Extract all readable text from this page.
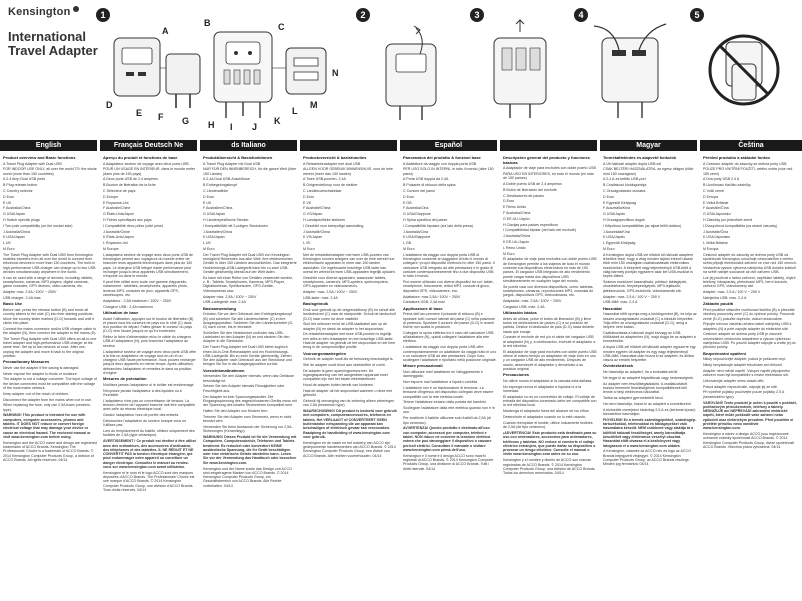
Kensington
International
Travel Adapter
1
A
B	C
D
E F G H I J
K
L
M
N
2	3	4	5
English	Français Deutsch Ne	ds Italiano	Español	Magyar	Čeština
Product overview and Basic functions

A Travel Plug Adapter with Dual USB

FOR INDOOR USE ONLY, all over the world TO: the whole world (more than 150 countries)

A 2.4 Amp Dual USB ports

B Plug release button

C Country selector

D Euro

E UK

F Australia/China

G USA/Japan

H Switch specific plugs

I Two pole compatibility (on the socket side)

J Australia/China

K USA/Japan

L UK

M Euro

The Travel Plug Adapter with Dual USB from Kensington enables travelers from all over the world to connect their electronic devices in more than 150 countries. The built-in high-performance USB charger can charge up to two USB devices simultaneously anywhere in the world.

It can be used with a range of devices, including: tablets, smartphones, cameras, MP3 players, digital cameras, game consoles, GPS devices, video cameras, etc.

Adapter max. 2.5A / 100V ~ 250V

USB charger: 2.4A max.

Basic Use

Before use, press the release button (B) and move all country sliders to the side (C) into their starting positions. Move the country slider marked (D-G) towards and until it clicks into place.

Connect the mains connector and/or USB charger cable to the adapter (N), then connect the adapter to the mains (D).

The Travel Plug Adapter with Dual USB offers an all-in-one travel adapter and high-performance USB charger at the same time. Set up to two devices at once. After use, unplug the adapter and move it back to the original position.

Precautionary Measures

Never use the adapter if the casing is damaged.

Never expose the adapter to fluids or moisture.

The adapter is not a voltage converter. The input voltage of the device connected must be compatible with the voltage of the local mains network.

Keep adapter out of the reach of children.

Disconnect the adapter from the mains when not in use.

When replacing the fuse, only use 2.5A fuses (ceramic-type).

WARNING! This product is intended for use with computers, computer accessories, phones and tablets. IT DOES NOT reduce or convert foreign electrical voltage that may damage your device or cause an electrical hazard. The enclosed manual or visit www.kensington.com before using.

Kensington and the ACCO name and design are registered trademarks of ACCO Brands. Kensington The Professionals' Choice is a trademark of ACCO Brands. © 2014 Kensington Computer Products Group, a division of ACCO Brands. All rights reserved. 04/14

Aperçu du produit et fonctions de base

A Adaptateur secteur de voyage avec deux ports USB

POUR UN USAGE EN INTÉRIEUR, dans le monde entier (dans plus de 150 pays)

A Deux ports USB de 2,4 ampères

B Bouton de libération de la fiche

C Sélecteur de pays

D Europe

E Royaume-Uni

F Australie/Chine

G États-Unis/Japon

H Fiches spécifiques aux pays

I Compatibilité deux pôles (côté prise)

J Australie/Chine

K États-Unis/Japon

L Royaume-Uni

M Europe

L'adaptateur secteur de voyage avec deux ports USB de Kensington permet aux voyageurs du monde entier de brancher leurs appareils électroniques dans plus de 150 pays. Le chargeur USB intégré haute performance peut recharger jusqu'à deux appareils USB simultanément, n'importe où dans le monde.

Il peut être utilisé avec toute une gamme d'appareils, notamment : tablettes, smartphones, appareils photo, lecteurs MP3, consoles de jeux, appareils GPS, caméscopes, etc.

Adaptateur : 2,5A maximum / 100V ~ 250V

Chargeur USB : 2,4A maximum

Utilisation de base

Avant l'utilisation, appuyez sur le bouton de libération (B) et placez tous les curseurs de pays sur le côté (C) dans leur position de départ. Faites glisser le curseur du pays (D-G) vers l'avant jusqu'à ce qu'il s'enclenche.

Reliez la fiche d'alimentation et/ou le câble du chargeur USB à l'adaptateur (N), puis branchez l'adaptateur au secteur.

L'adaptateur secteur de voyage avec deux ports USB offre à la fois un adaptateur de voyage tout-en-un et un chargeur USB haute performance. Vous pouvez recharger jusqu'à deux appareils en même temps. Après utilisation, débranchez l'adaptateur et remettez-le dans sa position d'origine.

Mesures de précaution

N'utilisez jamais l'adaptateur si le boîtier est endommagé.

N'exposez jamais l'adaptateur à des liquides ou à l'humidité.

L'adaptateur n'est pas un convertisseur de tension. La tension d'entrée de l'appareil branché doit être compatible avec celle du réseau électrique local.

Gardez l'adaptateur hors de portée des enfants.

Débranchez l'adaptateur du secteur lorsque vous ne l'utilisez pas.

Lors du remplacement du fusible, utilisez uniquement des fusibles de 2,5A (type céramique).

AVERTISSEMENT ! Ce produit est destiné à être utilisé avec des ordinateurs, des accessoires d'ordinateur, des téléphones et des tablettes. IL NE RÉDUIT ET NE CONVERTIT PAS la tension électrique étrangère, qui peut endommager votre appareil ou constituer un danger électrique. Consultez le manuel ou rendez-vous sur www.kensington.com avant utilisation.

Kensington et le nom et le logo ACCO sont des marques déposées d'ACCO Brands. The Professionals' Choice est une marque d'ACCO Brands. © 2014 Kensington Computer Products Group, une division d'ACCO Brands. Tous droits réservés. 04/14

Produktübersicht & Basisfunktionen

A Travel Plug Adapter mit Dual USB

NUR FÜR DEN INNENBEREICH, für die ganze Welt (über 150 Länder)

A 2,4A Dual USB-Anschlüsse

B Entriegelungsknopf

C Länderwähler

D Euro

E UK

F Australien/China

G USA/Japan

H Länderspezifische Stecker

I Kompatibilität mit 2-poligen Steckdosen

J Australien/China

K USA/Japan

L UK

M Euro

Der Travel Plug Adapter mit Dual USB von Kensington ermöglicht Reisenden aus aller Welt, ihre elektronischen Geräte in über 150 Ländern anzuschließen. Das integrierte Hochleistungs-USB-Ladegerät kann bis zu zwei USB-Geräte gleichzeitig überall auf der Welt laden.

Es kann mit einer Reihe von Geräten verwendet werden, z. B.: Tablets, Smartphones, Kameras, MP3-Player, Digitalkameras, Spielkonsolen, GPS-Geräte, Videokameras usw.

Adapter max. 2,5A / 100V ~ 250V

USB-Ladegerät: max. 2,4A

Basisanwendung

Drücken Sie vor dem Gebrauch den Entriegelungsknopf (B) und schieben Sie alle Länderschieber (C) in ihre Ausgangsposition. Schieben Sie den Länderschieber (D-G) nach vorne, bis er einrastet.

Schließen Sie den Netzstecker und/oder das USB-Ladekabel an den Adapter (N) an und stecken Sie den Adapter in die Steckdose.

Der Travel Plug Adapter mit Dual USB bietet zugleich einen All-in-One-Reiseadapter und ein Hochleistungs-USB-Ladegerät. Bis zu zwei Geräte gleichzeitig. Ziehen Sie den Adapter nach Gebrauch aus der Steckdose und bringen Sie ihn in die Ausgangsposition zurück.

Vorsichtsmaßnahmen

Verwenden Sie den Adapter niemals, wenn das Gehäuse beschädigt ist.

Setzen Sie den Adapter niemals Flüssigkeiten oder Feuchtigkeit aus.

Der Adapter ist kein Spannungswandler. Die Eingangsspannung des angeschlossenen Geräts muss mit der Spannung des lokalen Stromnetzes kompatibel sein.

Halten Sie den Adapter von Kindern fern.

Trennen Sie den Adapter vom Stromnetz, wenn er nicht benutzt wird.

Verwenden Sie beim Austausch der Sicherung nur 2,5A-Sicherungen (Keramiktyp).

WARNUNG! Dieses Produkt ist für die Verwendung mit Computern, Computerzubehör, Telefonen und Tablets bestimmt. Es reduziert oder konvertiert KEINE ausländische Spannung, die Ihr Gerät beschädigen oder eine elektrische Gefahr darstellen kann. Lesen Sie vor der Verwendung das Handbuch oder besuchen Sie www.kensington.com.

Kensington und der Name sowie das Design von ACCO sind eingetragene Marken von ACCO Brands. © 2014 Kensington Computer Products Group, ein Geschäftsbereich von ACCO Brands. Alle Rechte vorbehalten. 04/14

Productoverzicht & basisfuncties

A Reisstekkeradapter met dual USB

ALLEEN VOOR GEBRUIK BINNENSHUIS, voor de hele wereld (meer dan 150 landen)

A Twee USB-poorten, 2,4A

B Ontgrendelknop voor de stekker

C Landkeuzeschakelaar

D Euro

E VK

F Australië/China

G VS/Japan

H Landspecifieke stekkers

I Geschikt voor tweepolige aansluiting

J Australië/China

K VS/Japan

L VK

M Euro

Met de reisstekkeradapter met twee USB-poorten van Kensington kunnen reizigers van over de hele wereld hun elektronische apparaten in meer dan 150 landen aansluiten. De ingebouwde krachtige USB-lader kan overal ter wereld tot twee USB-apparaten tegelijk opladen.

Geschikt voor diverse apparaten, waaronder tablets, smartphones, camera's, MP3-spelers, spelcomputers, GPS-apparaten en videocamera's.

Adapter: max. 2,5A / 100V ~ 250V

USB-lader: max. 2,4A

Basisgebruik

Druk voor gebruik op de ontgrendelknop (B) en schuif alle landschuiven (C) naar de startpositie. Schuif de landschuif (D-G) naar voren tot deze vastklikt.

Sluit het netsnoer en/of de USB-laadkabel aan op de adapter (N) en steek de adapter in het stopcontact.

De reisstekkeradapter met twee USB-poorten is tegelijk een alles-in-één reisadapter en een krachtige USB-lader. Haal de adapter na gebruik uit het stopcontact en zet hem terug in de oorspronkelijke positie.

Voorzorgsmaatregelen

Gebruik de adapter nooit als de behuizing beschadigd is.

Stel de adapter nooit bloot aan vloeistoffen of vocht.

De adapter is geen spanningsomvormer. De ingangsspanning van het aangesloten apparaat moet compatibel zijn met het lokale elektriciteitsnet.

Houd de adapter buiten bereik van kinderen.

Haal de adapter uit het stopcontact wanneer u deze niet gebruikt.

Gebruik bij vervanging van de zekering alleen zekeringen van 2,5A (keramisch type).

WAARSCHUWING! Dit product is bedoeld voor gebruik met computers, computeraccessoires, telefoons en tablets. Het VERLAAGT of CONVERTEERT GEEN buitenlandse netspanning die uw apparaat kan beschadigen of elektrisch gevaar kan veroorzaken. Raadpleeg de handleiding of www.kensington.com voor gebruik.

Kensington en de naam en het ontwerp van ACCO zijn gedeponeerde handelsmerken van ACCO Brands. © 2014 Kensington Computer Products Group, een divisie van ACCO Brands. Alle rechten voorbehouden. 04/14

Panoramica del prodotto & funzioni base

A Adattatore da viaggio con doppia porta USB

PER USO SOLO IN INTERNI, in tutto il mondo (oltre 150 paesi)

A Porta USB doppia da 2,4A

B Pulsante di sblocco della spina

C Cursore dei paesi

D Euro

E GB

F Australia/Cina

G USA/Giappone

H Spina specifica del paese

I Compatibilità bipolare (sul lato della presa)

J Australia/Cina

K USA/Giappone

L GB

M Euro

L'adattatore da viaggio con doppia porta USB di Kensington consente ai viaggiatori di tutto il mondo di collegare i propri dispositivi elettronici in oltre 150 paesi. Il caricatore USB integrato ad alte prestazioni è in grado di caricare contemporaneamente fino a due dispositivi USB in tutto il mondo.

Può essere utilizzato con diversi dispositivi tra cui: tablet, smartphone, fotocamere, lettori MP3, console di gioco, dispositivi GPS, videocamere, ecc.

Adattatore: max 2,5A / 100V ~ 250V

Caricatore USB: 2,4A max

Applicazione di base

Prima dell'uso premere il pulsante di sblocco (B) e spostare tutti i cursori laterali dei paesi (C) nella posizione di partenza. Spostare il cursore del paese (D-G) in avanti finché non scatta in posizione.

Collegare la spina elettrica e/o il cavo del caricatore USB all'adattatore (N), quindi collegare l'adattatore alla rete elettrica.

L'adattatore da viaggio con doppia porta USB offre contemporaneamente un adattatore da viaggio tutto in uno e un caricatore USB ad alte prestazioni. Dopo l'uso, scollegare l'adattatore e riportarlo nella posizione originale.

Misure precauzionali

Non utilizzare mai l'adattatore se l'alloggiamento è danneggiato.

Non esporre mai l'adattatore a liquidi o umidità.

L'adattatore non è un trasformatore di tensione. La tensione d'ingresso del dispositivo collegato deve essere compatibile con la rete elettrica locale.

Tenere l'adattatore lontano dalla portata dei bambini.

Scollegare l'adattatore dalla rete elettrica quando non è in uso.

Per sostituire il fusibile utilizzare solo fusibili da 2,5A (di tipo ceramico).

AVVERTENZA! Questo prodotto è destinato all'uso con computer, accessori per computer, telefoni e tablet. NON riduce né converte la tensione elettrica estera che può danneggiare il dispositivo o causare pericoli elettrici. Consultare il manuale o visitare www.kensington.com prima dell'uso.

Kensington e il nome e il design ACCO sono marchi registrati di ACCO Brands. © 2014 Kensington Computer Products Group, una divisione di ACCO Brands. Tutti i diritti riservati. 04/14

Descripción general del producto y funciones básicas

A Adaptador de viaje para enchufes con doble puerto USB

PARA USO EN INTERIORES, en todo el mundo (en más de 150 países)

A Doble puerto USB de 2,4 amperios

B Botón de liberación del enchufe

C Deslizadores de países

D Euro

E Reino Unido

F Australia/China

G EE.UU./Japón

H Clavijas para países específicos

I Compatibilidad bipolar (del lado del enchufe)

J Australia/China

K EE.UU./Japón

L Reino Unido

M Euro

El adaptador de viaje para enchufes con doble puerto USB de Kensington permite a los viajeros de todo el mundo conectar sus dispositivos electrónicos en más de 150 países. El cargador USB integrado de alto rendimiento puede cargar hasta dos dispositivos USB simultáneamente en cualquier lugar del mundo.

Se puede usar con diversos dispositivos, como: tabletas, smartphones, cámaras, reproductores MP3, consolas de juegos, dispositivos GPS, videocámaras, etc.

Adaptador: máx. 2,5A / 100V ~ 250V

Cargador USB: máx. 2,4A

Utilización básica

Antes de utilizar, pulse el botón de liberación (B) y lleve todos los deslizadores de países (C) a su posición de partida. Deslice el deslizador de país (D-G) hacia delante hasta que encaje.

Conecte el enchufe de red y/o el cable del cargador USB al adaptador (N) y, a continuación, enchufe el adaptador a la red eléctrica.

El adaptador de viaje para enchufes con doble puerto USB ofrece al mismo tiempo un adaptador de viaje todo en uno y un cargador USB de alto rendimiento. Después de usarlo, desenchufe el adaptador y devuélvalo a su posición original.

Precauciones

No utilice nunca el adaptador si la carcasa está dañada.

No exponga nunca el adaptador a líquidos ni a la humedad.

El adaptador no es un convertidor de voltaje. El voltaje de entrada del dispositivo conectado debe ser compatible con la red eléctrica local.

Mantenga el adaptador fuera del alcance de los niños.

Desenchufe el adaptador cuando no lo esté usando.

Cuando reemplace el fusible, utilice únicamente fusibles de 2,5A (de tipo cerámico).

¡ADVERTENCIA! Este producto está destinado para su uso con ordenadores, accesorios para ordenadores, teléfonos y tabletas. NO reduce ni convierte el voltaje eléctrico extranjero, que puede dañar su dispositivo o provocar un riesgo eléctrico. Consulte el manual o visite www.kensington.com antes de su uso.

Kensington y el nombre y diseño de ACCO son marcas registradas de ACCO Brands. © 2014 Kensington Computer Products Group, una división de ACCO Brands. Todos los derechos reservados. 04/14

Termékáttekintés és alapvető funkciók

A Úti hálózati adapter dupla USB-vel

CSAK BELTÉRI HASZNÁLATRA, az egész világon (több mint 150 országban)

A 2,4 A-es kettős USB-port

B Csatlakozó kioldógombja

C Országválasztó csúszka

D Euro

E Egyesült Királyság

F Ausztrália/Kína

G USA/Japán

H Országspecifikus dugók

I Kétpólusú kompatibilitás (az aljzat felőli oldalon)

J Ausztrália/Kína

K USA/Japán

L Egyesült Királyság

M Euro

A Kensington dupla USB-vel ellátott úti hálózati adaptere lehetővé teszi, hogy a világ minden tájáról érkező utazók több mint 150 országban csatlakoztassák elektronikus eszközeiket. A beépített nagy teljesítményű USB-töltő a világ bármely pontján egyszerre akár két USB-eszközt is képes tölteni.

Számos eszközzel használható, például: táblagépek, okostelefonok, fényképezőgépek, MP3-lejátszók, játékkonzolok, GPS-eszközök, videokamerák stb.

Adapter: max. 2,5 A / 100 V ~ 250 V

USB-töltő: max. 2,4 A

Használat

Használat előtt nyomja meg a kioldógombot (B), és tolja az összes országválasztó csúszkát (C) a kiinduló helyzetbe. Tolja előre az országválasztó csúszkát (D-G), amíg a helyére nem kattan.

Csatlakoztassa a hálózati dugót és/vagy az USB-töltőkábelt az adapterhez (N), majd dugja be az adaptert a konnektorba.

A dupla USB-vel ellátott úti hálózati adapter egyszerre egy minden egyben úti adapter és egy nagy teljesítményű USB-töltő. Használat után húzza ki az adaptert, és állítsa vissza az eredeti helyzetbe.

Óvintézkedések

Ne használja az adaptert, ha a burkolata sérült.

Ne tegye ki az adaptert folyadéknak vagy nedvességnek.

Az adapter nem feszültségátalakító. A csatlakoztatott eszköz bemeneti feszültségének kompatibilisnek kell lennie a helyi elektromos hálózattal.

Tartsa az adaptert gyermekektől távol.

Ha nem használja, húzza ki az adaptert a konnektorból.

A biztosíték cseréjekor kizárólag 2,5 A-es (kerámia típusú) biztosítékot használjon.

FIGYELEM! Ez a termék számítógépekkel, számítógép-tartozékokkal, telefonokkal és táblagépekkel való használatra készült. NEM csökkenti vagy alakítja át a külföldi hálózati feszültséget, amely károsíthatja készülékét vagy elektromos veszélyt okozhat. Használat előtt olvassa el a kézikönyvet vagy látogasson el a www.kensington.com oldalra.

A Kensington, valamint az ACCO név és logó az ACCO Brands bejegyzett védjegyei. © 2014 Kensington Computer Products Group, az ACCO Brands részlege. Minden jog fenntartva. 04/14

Přehled produktu a základní funkce

A Cestovní adaptér do zásuvky se dvěma porty USB

POUZE PRO VNITŘNÍ POUŽITÍ, celého světa (více než 150 zemí)

A Dva porty USB 2,4 A

B Uvolňovací tlačítko zástrčky

C Volič země

D Evropa

E Velká Británie

F Austrálie/Čína

G USA/Japonsko

H Zástrčky pro jednotlivé země

I Dvoupólová kompatibilita (na straně zásuvky)

J Austrálie/Čína

K USA/Japonsko

L Velká Británie

M Evropa

Cestovní adaptér do zásuvky se dvěma porty USB od společnosti Kensington umožňuje cestovatelům z celého světa připojit elektronická zařízení ve více než 150 zemích. Vestavěná vysoce výkonná nabíječka USB dokáže kdekoli na světě nabíjet současně až dvě zařízení USB.

Lze jej používat s řadou zařízení, například: tablety, chytré telefony, fotoaparáty, přehrávače MP3, herní konzole, zařízení GPS, videokamery atd.

Adaptér: max. 2,5 A / 100 V ~ 250 V

Nabíječka USB: max. 2,4 A

Základní použití

Před použitím stiskněte uvolňovací tlačítko (B) a přesuňte všechny posuvníky zemí (C) do výchozí polohy. Posuvník země (D-G) posuňte dopředu, dokud nezacvakne.

Připojte síťovou zástrčku a/nebo kabel nabíječky USB k adaptéru (N) a poté zapojte adaptér do elektrické sítě.

Cestovní adaptér se dvěma porty USB je zároveň univerzálním cestovním adaptérem a vysoce výkonnou nabíječkou USB. Po použití adaptér odpojte a vraťte jej do původní polohy.

Bezpečnostní opatření

Nikdy nepoužívejte adaptér, pokud je poškozen kryt.

Nikdy nevystavujte adaptér tekutinám ani vlhkosti.

Adaptér není měnič napětí. Vstupní napětí připojeného zařízení musí být kompatibilní s místní elektrickou sítí.

Uchovávejte adaptér mimo dosah dětí.

Pokud adaptér nepoužíváte, odpojte jej ze sítě.

Při výměně pojistky používejte pouze pojistky 2,5 A (keramického typu).

VAROVÁNÍ! Tento produkt je určen k použití s počítači, počítačovým příslušenstvím, telefony a tablety. NESNIŽUJE ani NEPŘEVÁDÍ zahraniční elektrické napětí, které může poškodit vaše zařízení nebo způsobit úraz elektrickým proudem. Před použitím si přečtěte příručku nebo navštivte www.kensington.com.

Kensington a název a design ACCO jsou registrované ochranné známky společnosti ACCO Brands. © 2014 Kensington Computer Products Group, divize společnosti ACCO Brands. Všechna práva vyhrazena. 04/14
